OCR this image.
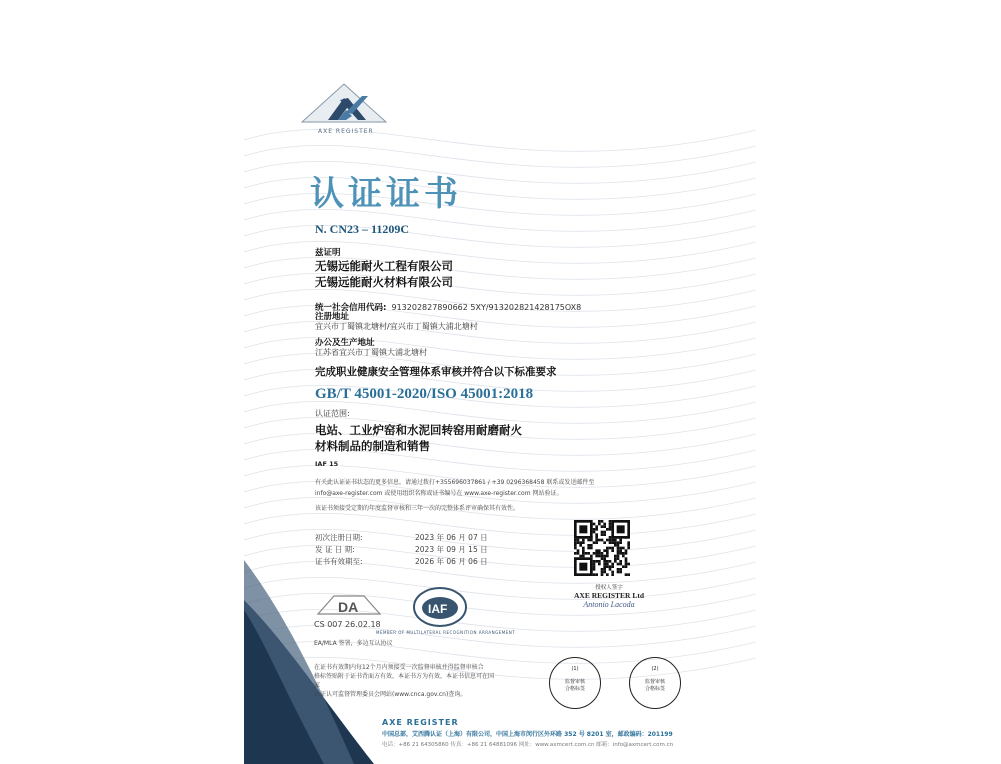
AXE REGISTER
认证证书
N. CN23 – 11209C
兹证明
无锡远能耐火工程有限公司
无锡远能耐火材料有限公司
统一社会信用代码: 913202827890662 5XY/913202821428175OX8
注册地址
宜兴市丁蜀镇北塘村/宜兴市丁蜀镇大浦北塘村
办公及生产地址
江苏省宜兴市丁蜀镇大浦北塘村
完成职业健康安全管理体系审核并符合以下标准要求
GB/T 45001-2020/ISO 45001:2018
认证范围:
电站、工业炉窑和水泥回转窑用耐磨耐火
材料制品的制造和销售
IAF 15
有关此认证证书状态的更多信息，请通过拨打+355696037861 / +39 0296368458 联系或发送邮件至
info@axe-register.com 或使用组织名称或证书编号在 www.axe-register.com 网站验证。
该证书须接受定期的年度监督审核和三年一次的完整体系评审确保其有效性。
初次注册日期:	2023 年 06 月 07 日
发 证 日 期:	2023 年 09 月 15 日
证书有效期至:	2026 年 06 月 06 日
授权人签字
AXE REGISTER Ltd
Antonio Lacoda
DA
CS 007 26.02.18
IAF
MEMBER OF MULTILATERAL RECOGNITION ARRANGEMENT
EA/MLA 签署，多边互认协议
在证书有效期内每12个月内须接受一次监督审核并得监督审核合
格标签贴附于证书背面方有效，本证书方为有效，本证书信息可在国家
认证认可监督管理委员会网站(www.cnca.gov.cn)查询。
(1)
监督审核
合格标签
(2)
监督审核
合格标签
AXE REGISTER
中国总部，艾西腾认证（上海）有限公司，中国上海市闵行区外环路 352 号 8201 室，邮政编码：201199
电话：+86 21 64305860 传真：+86 21 64881096 网址：www.axmcert.com.cn 邮箱：info@axmcert.com.cn
